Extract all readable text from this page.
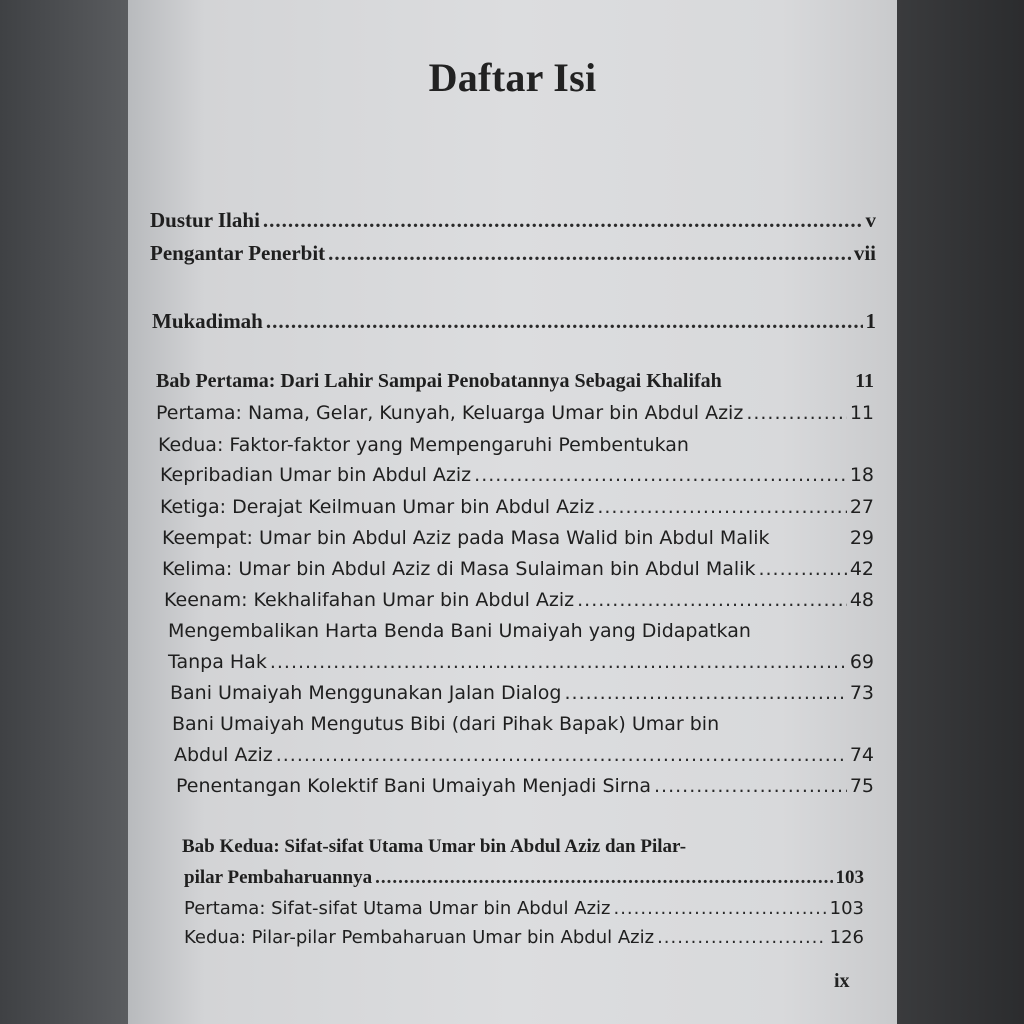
Daftar Isi
Dustur Ilahi .....	v
Pengantar Penerbit .....	vii
Mukadimah .....	1
Bab Pertama: Dari Lahir Sampai Penobatannya Sebagai Khalifah	11
Pertama: Nama, Gelar, Kunyah, Keluarga Umar bin Abdul Aziz .....	11
Kedua: Faktor-faktor yang Mempengaruhi Pembentukan
Kepribadian Umar bin Abdul Aziz .....	18
Ketiga: Derajat Keilmuan Umar bin Abdul Aziz .....	27
Keempat: Umar bin Abdul Aziz pada Masa Walid bin Abdul Malik	29
Kelima: Umar bin Abdul Aziz di Masa Sulaiman bin Abdul Malik .....	42
Keenam: Kekhalifahan Umar bin Abdul Aziz .....	48
Mengembalikan Harta Benda Bani Umaiyah yang Didapatkan
Tanpa Hak .....	69
Bani Umaiyah Menggunakan Jalan Dialog .....	73
Bani Umaiyah Mengutus Bibi (dari Pihak Bapak) Umar bin
Abdul Aziz .....	74
Penentangan Kolektif Bani Umaiyah Menjadi Sirna .....	75
Bab Kedua: Sifat-sifat Utama Umar bin Abdul Aziz dan Pilar-
pilar Pembaharuannya .....	103
Pertama: Sifat-sifat Utama Umar bin Abdul Aziz .....	103
Kedua: Pilar-pilar Pembaharuan Umar bin Abdul Aziz .....	126
ix
